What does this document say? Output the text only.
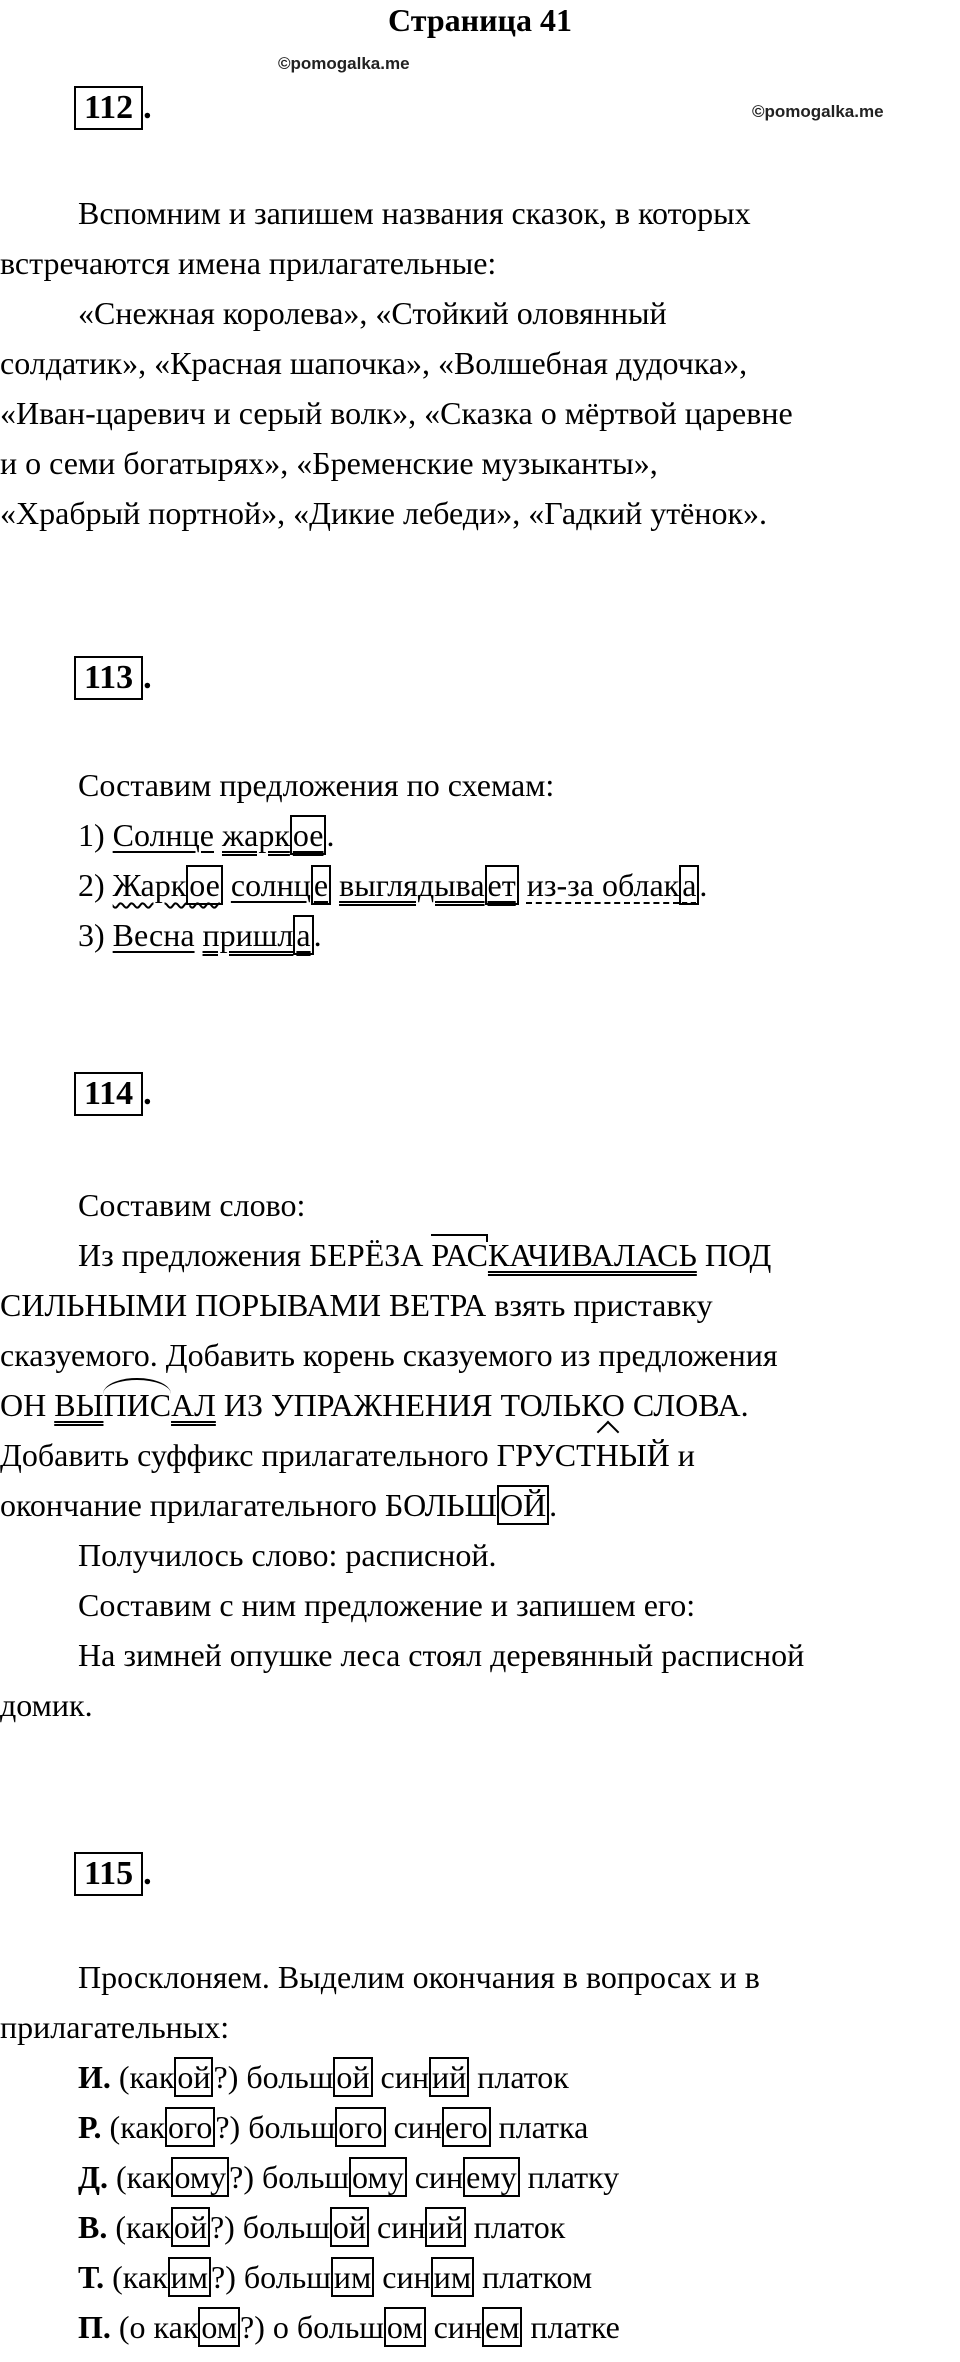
Страница 41
©pomogalka.me
©pomogalka.me
112 .
Вспомним и запишем названия сказок, в которых
встречаются имена прилагательные:
«Снежная королева», «Стойкий оловянный
солдатик», «Красная шапочка», «Волшебная дудочка»,
«Иван-царевич и серый волк», «Сказка о мёртвой царевне
и о семи богатырях», «Бременские музыканты»,
«Храбрый портной», «Дикие лебеди», «Гадкий утёнок».
113 .
Составим предложения по схемам:
1) Солнце жаркое.
2) Жаркое солнце выглядывает из-за облака.
3) Весна пришла.
114 .
Составим слово:
Из предложения БЕРЁЗА РАСКАЧИВАЛАСЬ ПОД
СИЛЬНЫМИ ПОРЫВАМИ ВЕТРА взять приставку
сказуемого. Добавить корень сказуемого из предложения
ОН ВЫПИСАЛ ИЗ УПРАЖНЕНИЯ ТОЛЬКО СЛОВА.
Добавить суффикс прилагательного ГРУСТНЫЙ и
окончание прилагательного БОЛЬШОЙ.
Получилось слово: расписной.
Составим с ним предложение и запишем его:
На зимней опушке леса стоял деревянный расписной
домик.
115 .
Просклоняем. Выделим окончания в вопросах и в
прилагательных:
И. (какой?) большой синий платок
Р. (какого?) большого синего платка
Д. (какому?) большому синему платку
В. (какой?) большой синий платок
Т. (каким?) большим синим платком
П. (о каком?) о большом синем платке
